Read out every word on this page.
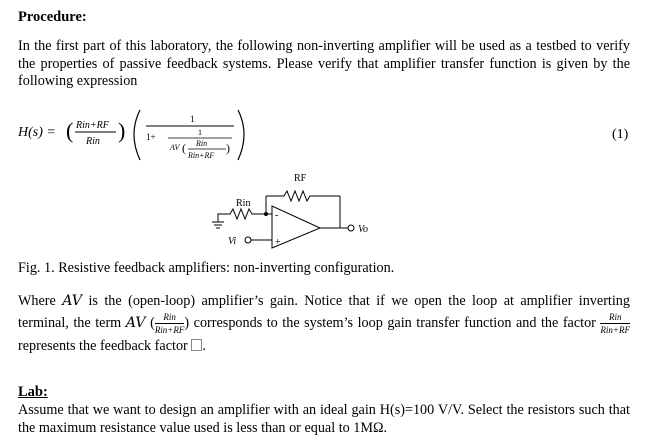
Procedure:
In the first part of this laboratory, the following non-inverting amplifier will be used as a testbed to verify the properties of passive feedback systems. Please verify that amplifier transfer function is given by the following expression
H(s) = ( Rin+RF
Rin )	1
1+	1
AV ( Rin
Rin+RF
)
(1)
RF
Rin
-
+
Vi
Vo
Fig. 1. Resistive feedback amplifiers: non-inverting configuration.
Where AV is the (open-loop) amplifier’s gain. Notice that if we open the loop at amplifier inverting terminal, the term AV ( $\frac{\text{Rin}}{\text{Rin+RF}}$ ) corresponds to the system’s loop gain transfer function and the factor $\frac{\text{Rin}}{\text{Rin+RF}}$
represents the feedback factor .
Lab:
Assume that we want to design an amplifier with an ideal gain H(s)=100 V/V. Select the resistors such that the maximum resistance value used is less than or equal to 1MΩ.
